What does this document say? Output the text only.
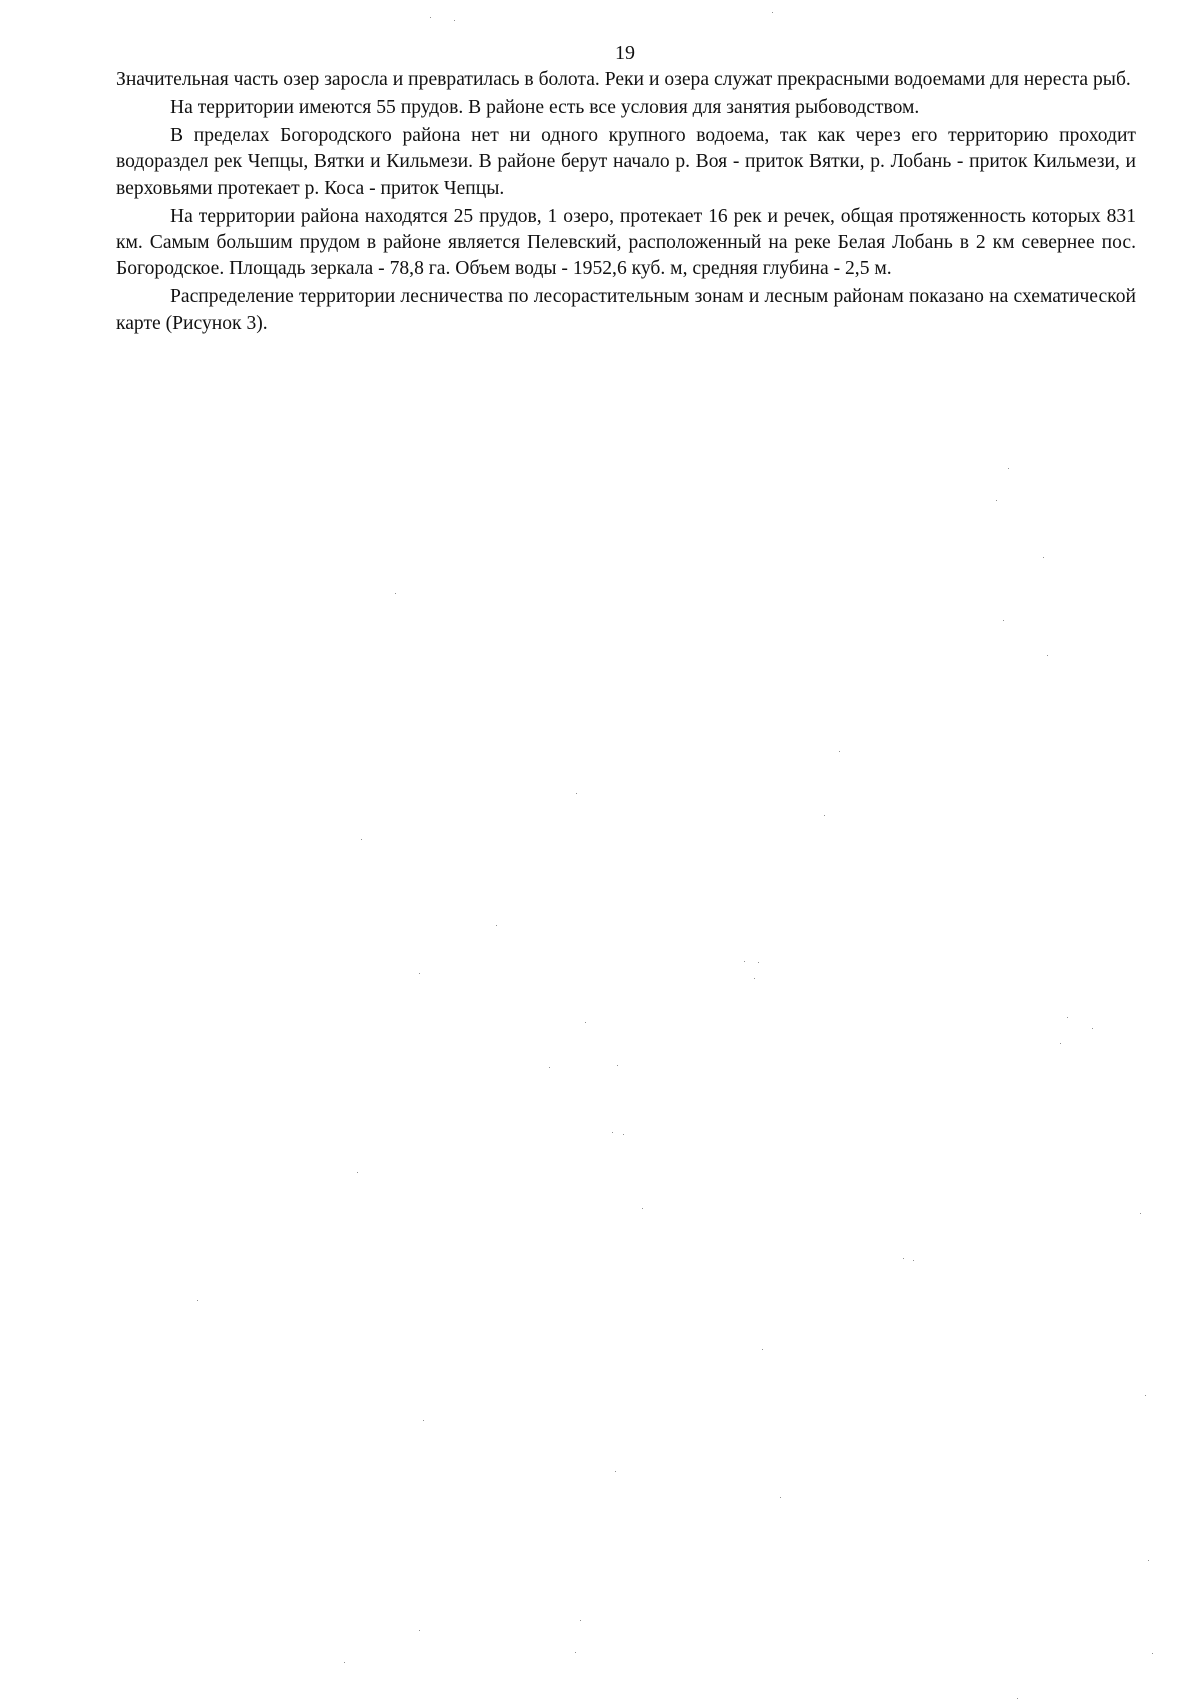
19

Значительная часть озер заросла и превратилась в болота. Реки и озера служат прекрасными водоемами для нереста рыб.

На территории имеются 55 прудов. В районе есть все условия для занятия рыбоводством.

В пределах Богородского района нет ни одного крупного водоема, так как через его территорию проходит водораздел рек Чепцы, Вятки и Кильмези. В районе берут начало р. Воя - приток Вятки, р. Лобань - приток Кильмези, и верховьями протекает р. Коса - приток Чепцы.

На территории района находятся 25 прудов, 1 озеро, протекает 16 рек и речек, общая протяженность которых 831 км. Самым большим прудом в районе является Пелевский, расположенный на реке Белая Лобань в 2 км севернее пос. Богородское. Площадь зеркала - 78,8 га. Объем воды - 1952,6 куб. м, средняя глубина - 2,5 м.

Распределение территории лесничества по лесорастительным зонам и лесным районам показано на схематической карте (Рисунок 3).
